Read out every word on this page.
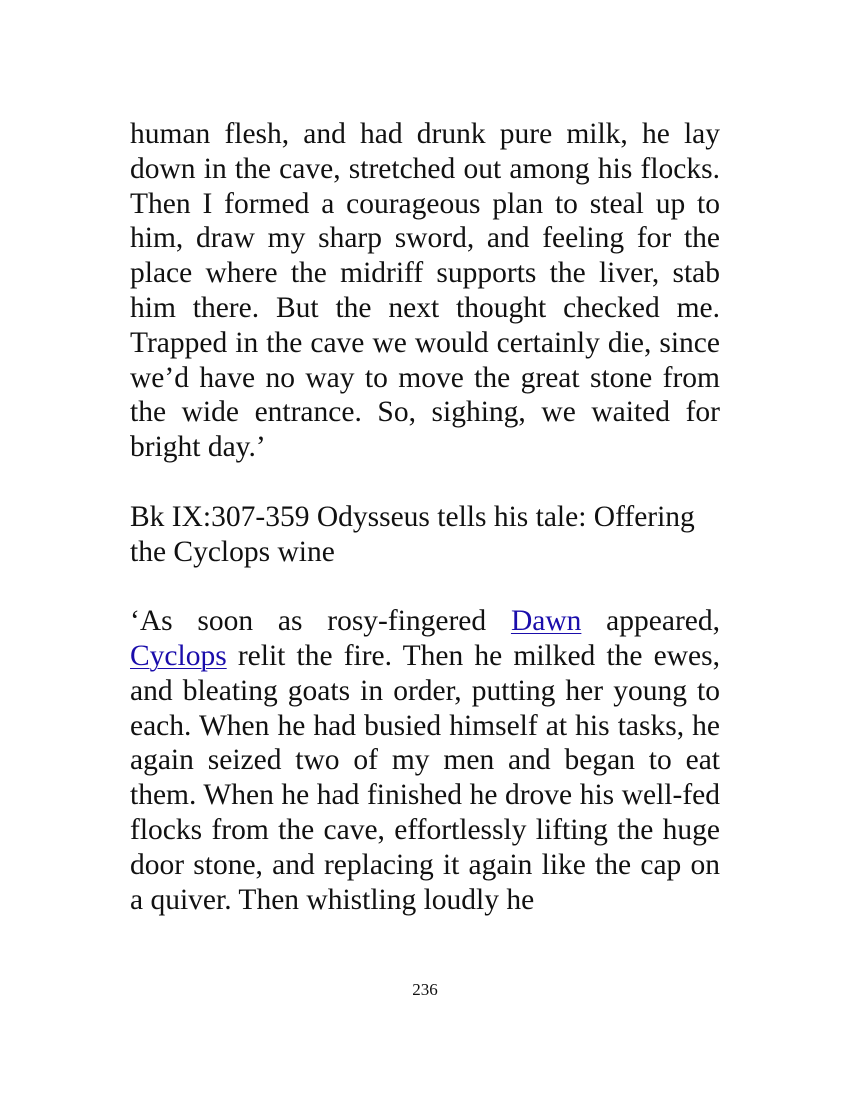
human flesh, and had drunk pure milk, he lay down in the cave, stretched out among his flocks. Then I formed a courageous plan to steal up to him, draw my sharp sword, and feeling for the place where the midriff supports the liver, stab him there. But the next thought checked me. Trapped in the cave we would certainly die, since we’d have no way to move the great stone from the wide entrance. So, sighing, we waited for bright day.’

Bk IX:307-359 Odysseus tells his tale: Offering the Cyclops wine

‘As soon as rosy-fingered Dawn appeared, Cyclops relit the fire. Then he milked the ewes, and bleating goats in order, putting her young to each. When he had busied himself at his tasks, he again seized two of my men and began to eat them. When he had finished he drove his well-fed flocks from the cave, effortlessly lifting the huge door stone, and replacing it again like the cap on a quiver. Then whistling loudly he

236
